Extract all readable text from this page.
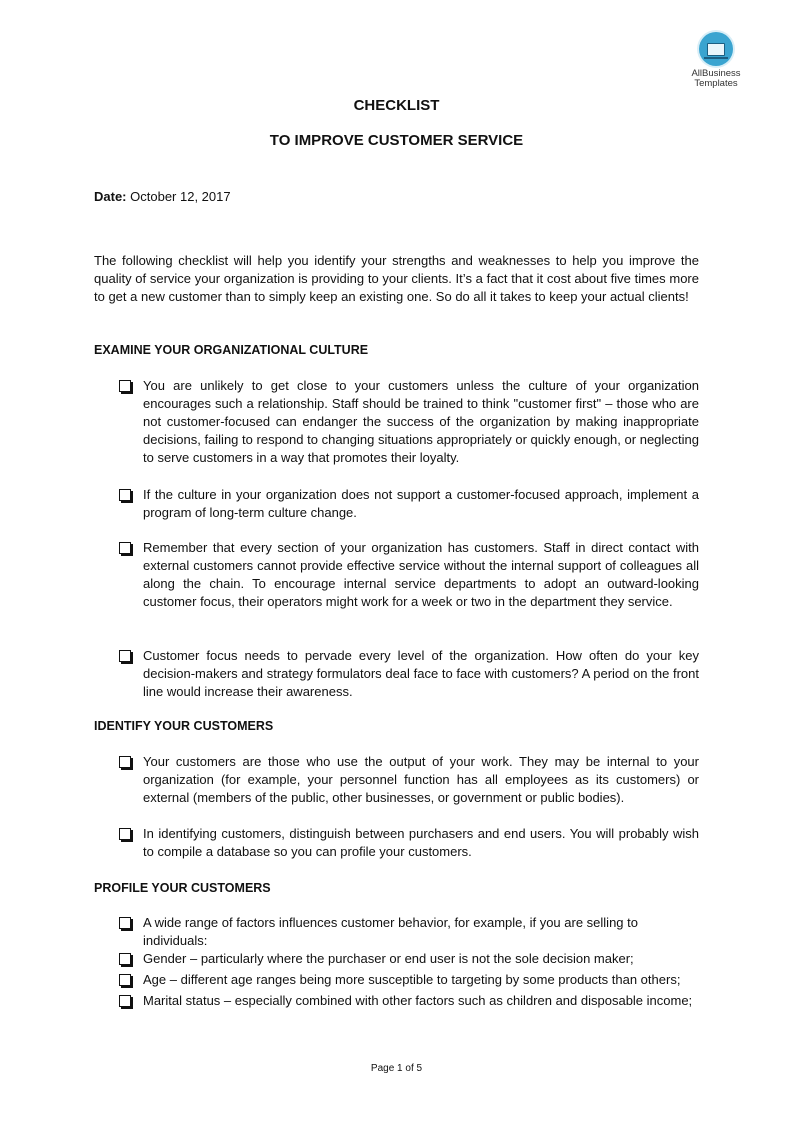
AllBusiness
Templates
CHECKLIST
TO IMPROVE CUSTOMER SERVICE
Date: October 12, 2017
The following checklist will help you identify your strengths and weaknesses to help you improve the quality of service your organization is providing to your clients. It’s a fact that it cost about five times more to get a new customer than to simply keep an existing one. So do all it takes to keep your actual clients!
EXAMINE YOUR ORGANIZATIONAL CULTURE
You are unlikely to get close to your customers unless the culture of your organization encourages such a relationship. Staff should be trained to think "customer first" – those who are not customer-focused can endanger the success of the organization by making inappropriate decisions, failing to respond to changing situations appropriately or quickly enough, or neglecting to serve customers in a way that promotes their loyalty.
If the culture in your organization does not support a customer-focused approach, implement a program of long-term culture change.
Remember that every section of your organization has customers. Staff in direct contact with external customers cannot provide effective service without the internal support of colleagues all along the chain. To encourage internal service departments to adopt an outward-looking customer focus, their operators might work for a week or two in the department they service.
Customer focus needs to pervade every level of the organization. How often do your key decision-makers and strategy formulators deal face to face with customers? A period on the front line would increase their awareness.
IDENTIFY YOUR CUSTOMERS
Your customers are those who use the output of your work. They may be internal to your organization (for example, your personnel function has all employees as its customers) or external (members of the public, other businesses, or government or public bodies).
In identifying customers, distinguish between purchasers and end users. You will probably wish to compile a database so you can profile your customers.
PROFILE YOUR CUSTOMERS
A wide range of factors influences customer behavior, for example, if you are selling to individuals:
Gender – particularly where the purchaser or end user is not the sole decision maker;
Age – different age ranges being more susceptible to targeting by some products than others;
Marital status – especially combined with other factors such as children and disposable income;
Page 1 of 5
